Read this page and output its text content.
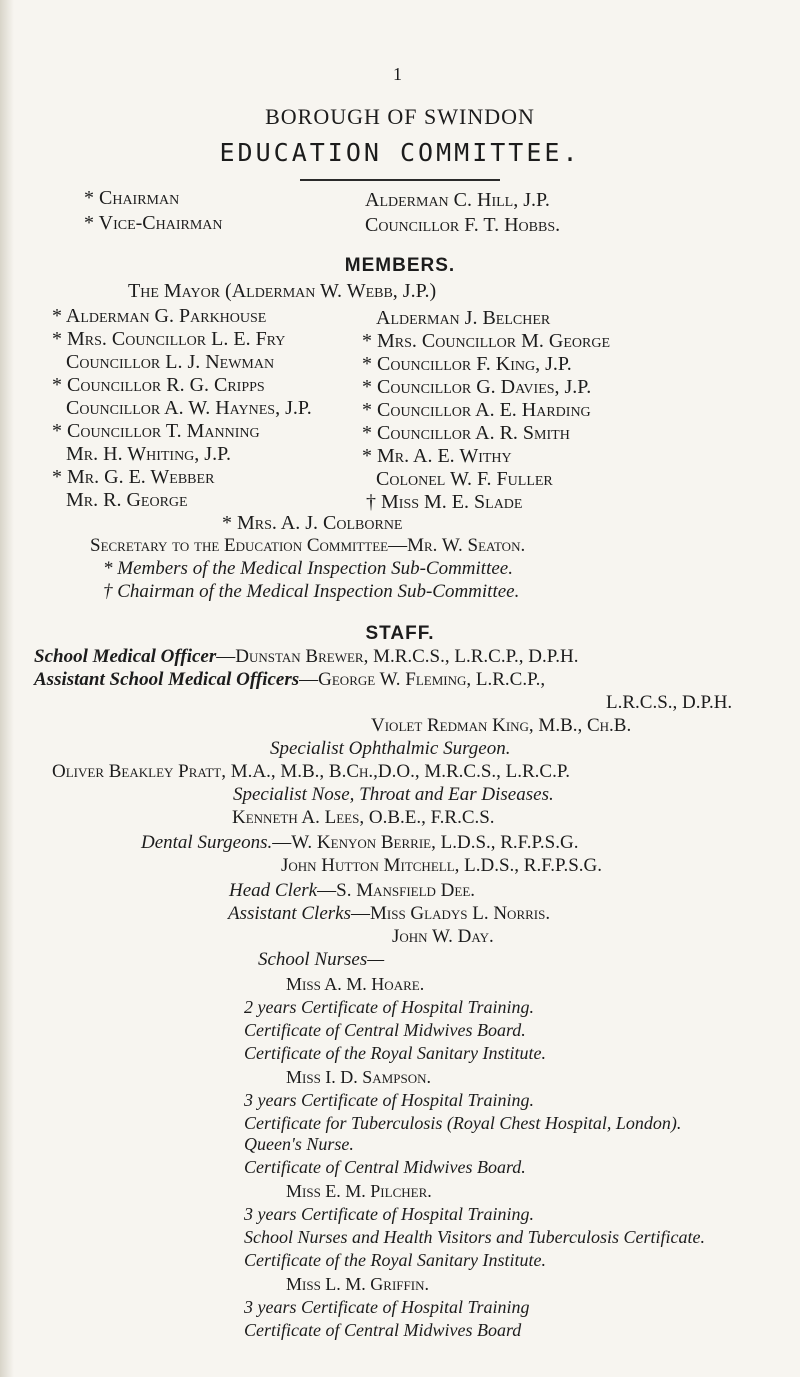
1
BOROUGH OF SWINDON
EDUCATION COMMITTEE.
* Chairman	Alderman C. Hill, J.P.
* Vice-Chairman	Councillor F. T. Hobbs.
MEMBERS.
The Mayor (Alderman W. Webb, J.P.)
* Alderman G. Parkhouse
* Mrs. Councillor L. E. Fry
Councillor L. J. Newman
* Councillor R. G. Cripps
Councillor A. W. Haynes, J.P.
* Councillor T. Manning
Mr. H. Whiting, J.P.
* Mr. G. E. Webber
Mr. R. George
Alderman J. Belcher
* Mrs. Councillor M. George
* Councillor F. King, J.P.
* Councillor G. Davies, J.P.
* Councillor A. E. Harding
* Councillor A. R. Smith
* Mr. A. E. Withy
Colonel W. F. Fuller
† Miss M. E. Slade
* Mrs. A. J. Colborne
Secretary to the Education Committee—Mr. W. Seaton.
* Members of the Medical Inspection Sub-Committee.
† Chairman of the Medical Inspection Sub-Committee.
STAFF.
School Medical Officer—Dunstan Brewer, M.R.C.S., L.R.C.P., D.P.H.
Assistant School Medical Officers—George W. Fleming, L.R.C.P.,
L.R.C.S., D.P.H.
Violet Redman King, M.B., Ch.B.
Specialist Ophthalmic Surgeon.
Oliver Beakley Pratt, M.A., M.B., B.Ch.,D.O., M.R.C.S., L.R.C.P.
Specialist Nose, Throat and Ear Diseases.
Kenneth A. Lees, O.B.E., F.R.C.S.
Dental Surgeons.—W. Kenyon Berrie, L.D.S., R.F.P.S.G.
John Hutton Mitchell, L.D.S., R.F.P.S.G.
Head Clerk—S. Mansfield Dee.
Assistant Clerks—Miss Gladys L. Norris.
John W. Day.
School Nurses—
Miss A. M. Hoare.
2 years Certificate of Hospital Training.
Certificate of Central Midwives Board.
Certificate of the Royal Sanitary Institute.
Miss I. D. Sampson.
3 years Certificate of Hospital Training.
Certificate for Tuberculosis (Royal Chest Hospital, London).
Queen's Nurse.
Certificate of Central Midwives Board.
Miss E. M. Pilcher.
3 years Certificate of Hospital Training.
School Nurses and Health Visitors and Tuberculosis Certificate.
Certificate of the Royal Sanitary Institute.
Miss L. M. Griffin.
3 years Certificate of Hospital Training
Certificate of Central Midwives Board
